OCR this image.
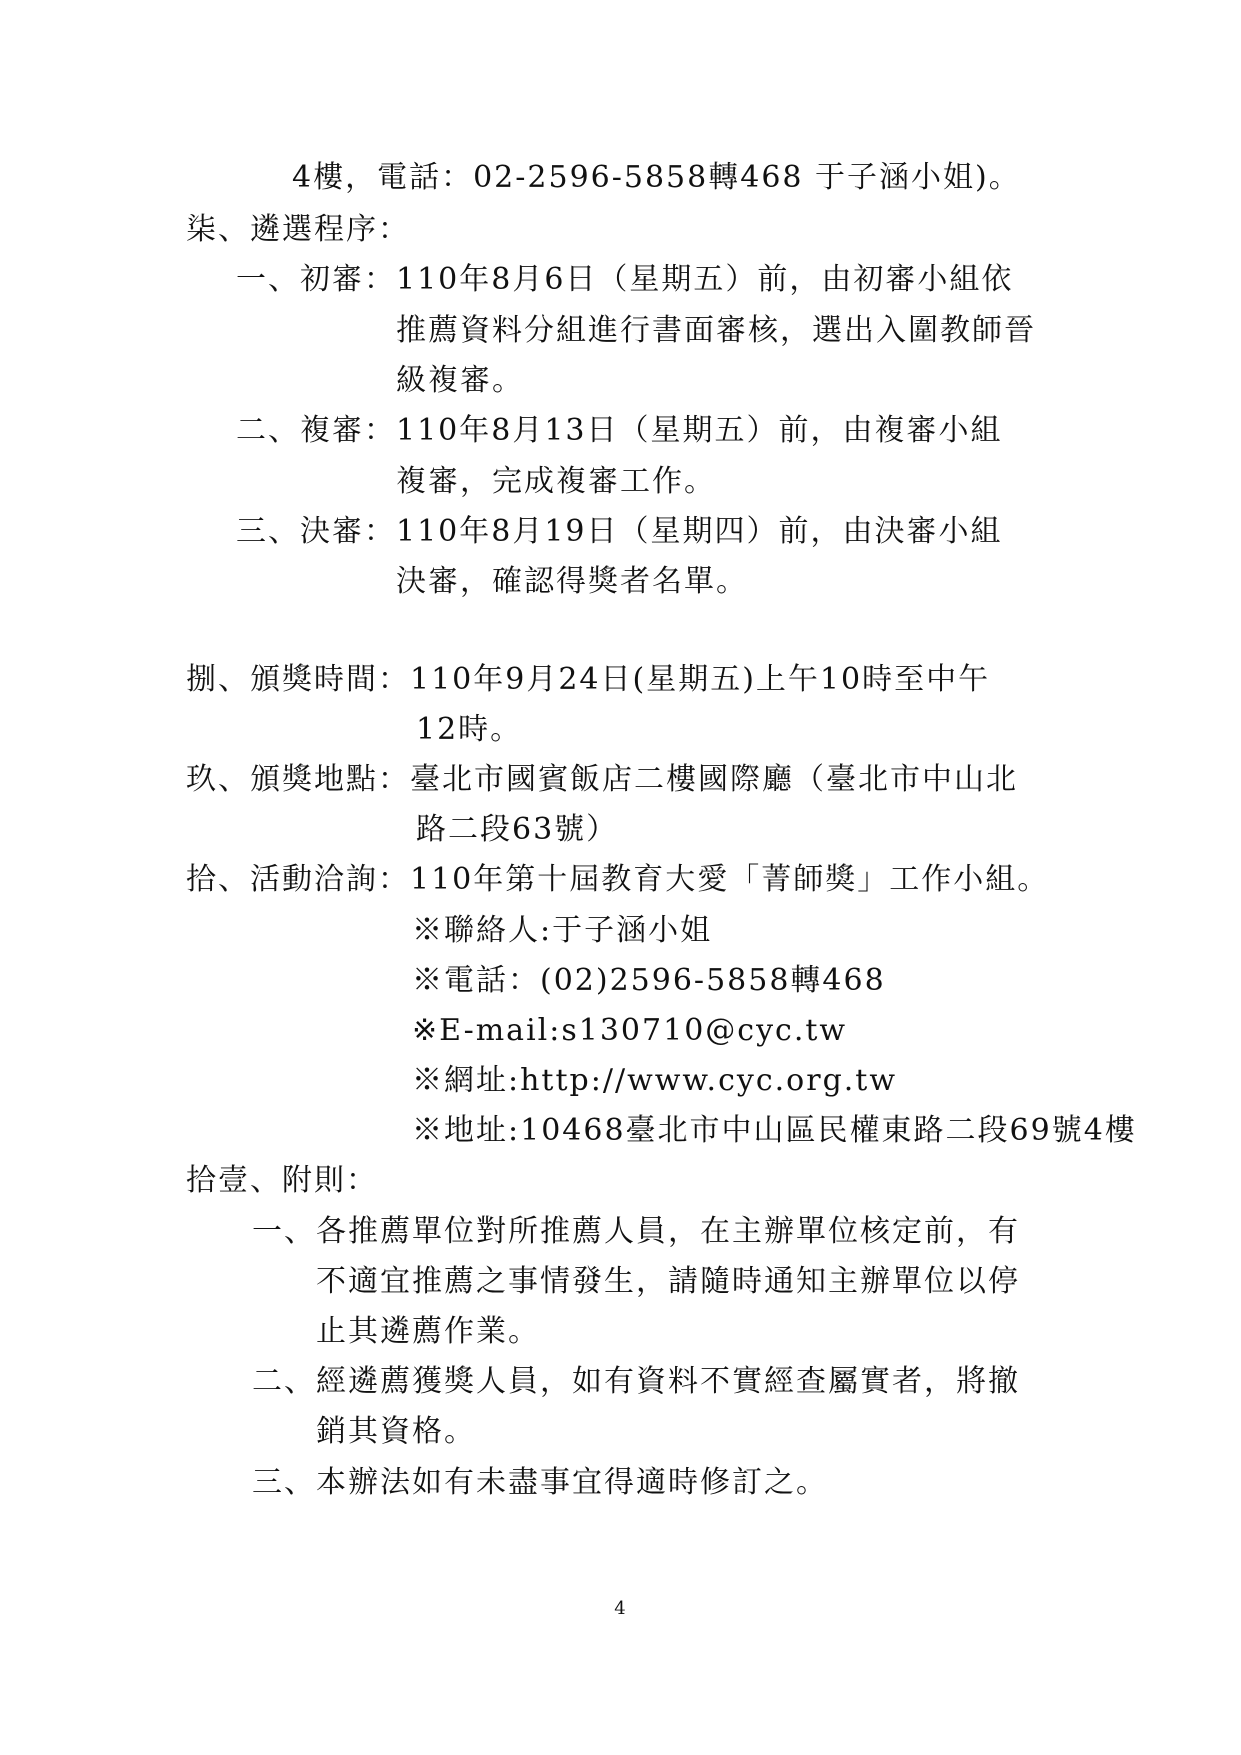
4樓，電話：02-2596-5858轉468 于子涵小姐)。
柒、遴選程序：
一、初審：110年8月6日（星期五）前，由初審小組依
推薦資料分組進行書面審核，選出入圍教師晉
級複審。
二、複審：110年8月13日（星期五）前，由複審小組
複審，完成複審工作。
三、決審：110年8月19日（星期四）前，由決審小組
決審，確認得獎者名單。
捌、頒獎時間：110年9月24日(星期五)上午10時至中午
12時。
玖、頒獎地點：臺北市國賓飯店二樓國際廳（臺北市中山北
路二段63號）
拾、活動洽詢：110年第十屆教育大愛「菁師獎」工作小組。
※聯絡人:于子涵小姐
※電話：(02)2596-5858轉468
※E-mail:s130710@cyc.tw
※網址:http://www.cyc.org.tw
※地址:10468臺北市中山區民權東路二段69號4樓
拾壹、附則：
一、各推薦單位對所推薦人員，在主辦單位核定前，有
不適宜推薦之事情發生，請隨時通知主辦單位以停
止其遴薦作業。
二、經遴薦獲獎人員，如有資料不實經查屬實者，將撤
銷其資格。
三、本辦法如有未盡事宜得適時修訂之。
4
